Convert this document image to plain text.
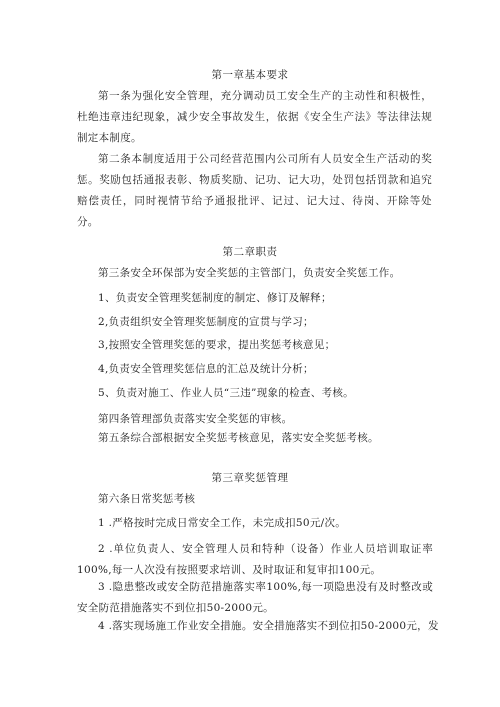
第一章基本要求
第一条为强化安全管理，充分调动员工安全生产的主动性和积极性，杜绝违章违纪现象，减少安全事故发生，依据《安全生产法》等法律法规制定本制度。
第二条本制度适用于公司经营范围内公司所有人员安全生产活动的奖惩。奖励包括通报表彰、物质奖励、记功、记大功，处罚包括罚款和追究赔偿责任，同时视情节给予通报批评、记过、记大过、待岗、开除等处分。
第二章职责
第三条安全环保部为安全奖惩的主管部门，负责安全奖惩工作。
1、负责安全管理奖惩制度的制定、修订及解释；
2,负责组织安全管理奖惩制度的宣贯与学习；
3,按照安全管理奖惩的要求，提出奖惩考核意见；
4,负责安全管理奖惩信息的汇总及统计分析；
5、负责对施工、作业人员“三违”现象的检查、考核。
第四条管理部负责落实安全奖惩的审核。
第五条综合部根据安全奖惩考核意见，落实安全奖惩考核。
第三章奖惩管理
第六条日常奖惩考核
1 .严格按时完成日常安全工作，未完成扣50元/次。
2 .单位负责人、安全管理人员和特种（设备）作业人员培训取证率100%,每一人次没有按照要求培训、及时取证和复审扣100元。
3 .隐患整改或安全防范措施落实率100%,每一项隐患没有及时整改或安全防范措施落实不到位扣50-2000元。
4 .落实现场施工作业安全措施。安全措施落实不到位扣50-2000元，发
